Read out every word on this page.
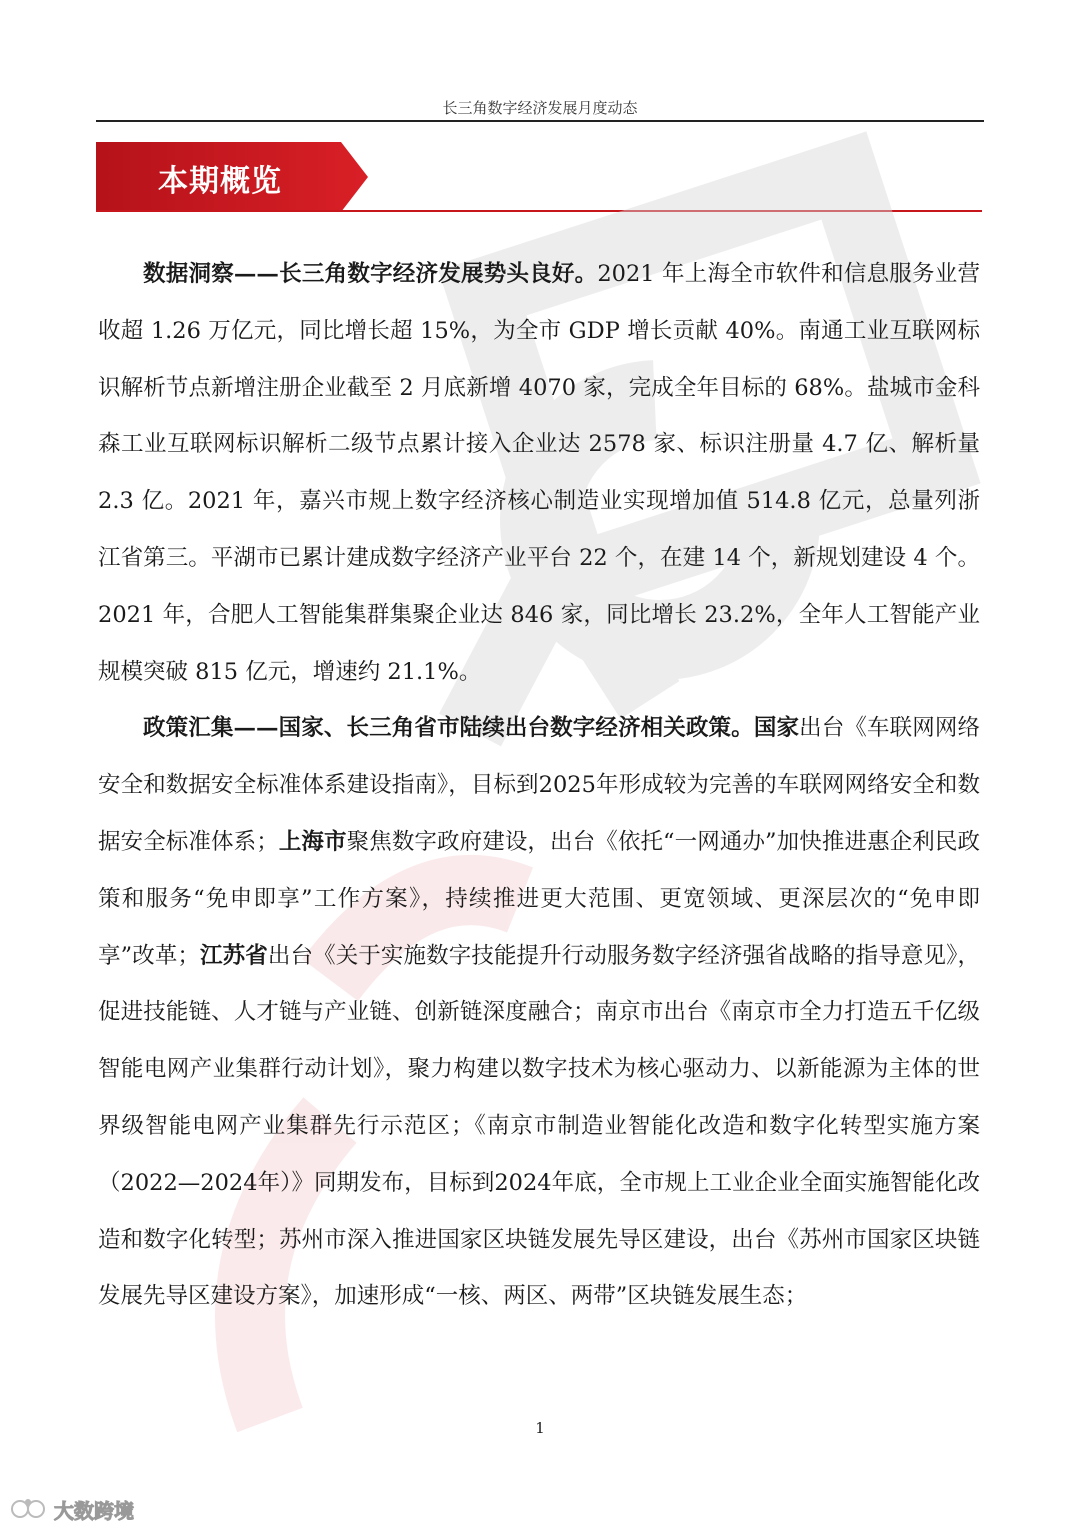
长三角数字经济发展月度动态
本期概览

数据洞察——长三角数字经济发展势头良好。2021 年上海全市软件和信息服务业营收超 1.26 万亿元，同比增长超 15%，为全市 GDP 增长贡献 40%。南通工业互联网标识解析节点新增注册企业截至 2 月底新增 4070 家，完成全年目标的 68%。盐城市金科森工业互联网标识解析二级节点累计接入企业达 2578 家、标识注册量 4.7 亿、解析量 2.3 亿。2021 年，嘉兴市规上数字经济核心制造业实现增加值 514.8 亿元，总量列浙江省第三。平湖市已累计建成数字经济产业平台 22 个，在建 14 个，新规划建设 4 个。2021 年，合肥人工智能集群集聚企业达 846 家，同比增长 23.2%，全年人工智能产业规模突破 815 亿元，增速约 21.1%。

政策汇集——国家、长三角省市陆续出台数字经济相关政策。国家出台《车联网网络安全和数据安全标准体系建设指南》，目标到2025年形成较为完善的车联网网络安全和数据安全标准体系；上海市聚焦数字政府建设，出台《依托“一网通办”加快推进惠企利民政策和服务“免申即享”工作方案》，持续推进更大范围、更宽领域、更深层次的“免申即享”改革；江苏省出台《关于实施数字技能提升行动服务数字经济强省战略的指导意见》，促进技能链、人才链与产业链、创新链深度融合；南京市出台《南京市全力打造五千亿级智能电网产业集群行动计划》，聚力构建以数字技术为核心驱动力、以新能源为主体的世界级智能电网产业集群先行示范区；《南京市制造业智能化改造和数字化转型实施方案（2022—2024年）》同期发布，目标到2024年底，全市规上工业企业全面实施智能化改造和数字化转型；苏州市深入推进国家区块链发展先导区建设，出台《苏州市国家区块链发展先导区建设方案》，加速形成“一核、两区、两带”区块链发展生态；

1
大数跨境
